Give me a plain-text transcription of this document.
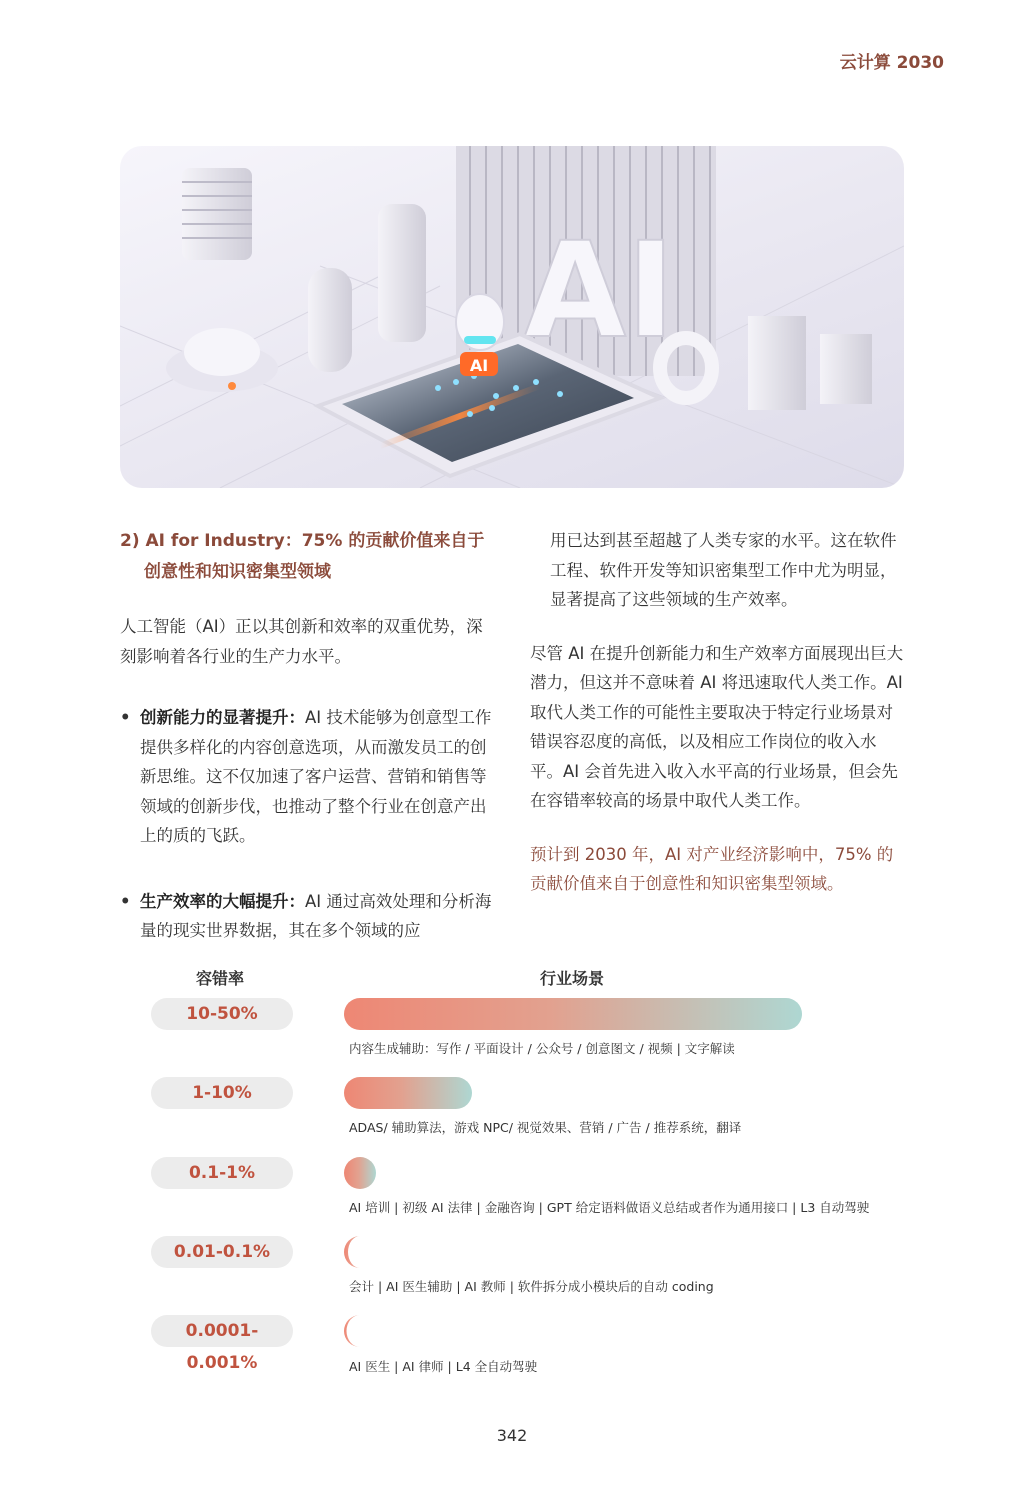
云计算 2030
AI
AI
2) AI for Industry：75% 的贡献价值来自于创意性和知识密集型领域
人工智能（AI）正以其创新和效率的双重优势，深刻影响着各行业的生产力水平。
• 创新能力的显著提升：AI 技术能够为创意型工作提供多样化的内容创意选项，从而激发员工的创新思维。这不仅加速了客户运营、营销和销售等领域的创新步伐，也推动了整个行业在创意产出上的质的飞跃。
• 生产效率的大幅提升：AI 通过高效处理和分析海量的现实世界数据，其在多个领域的应
用已达到甚至超越了人类专家的水平。这在软件工程、软件开发等知识密集型工作中尤为明显，显著提高了这些领域的生产效率。
尽管 AI 在提升创新能力和生产效率方面展现出巨大潜力，但这并不意味着 AI 将迅速取代人类工作。AI 取代人类工作的可能性主要取决于特定行业场景对错误容忍度的高低，以及相应工作岗位的收入水平。AI 会首先进入收入水平高的行业场景，但会先在容错率较高的场景中取代人类工作。
预计到 2030 年，AI 对产业经济影响中，75% 的贡献价值来自于创意性和知识密集型领域。
容错率	行业场景
10-50%
内容生成辅助：写作 / 平面设计 / 公众号 / 创意图文 / 视频 | 文字解读
1-10%
ADAS/ 辅助算法，游戏 NPC/ 视觉效果、营销 / 广告 / 推荐系统，翻译
0.1-1%
AI 培训 | 初级 AI 法律 | 金融咨询 | GPT 给定语料做语义总结或者作为通用接口 | L3 自动驾驶
0.01-0.1%
会计 | AI 医生辅助 | AI 教师 | 软件拆分成小模块后的自动 coding
0.0001-0.001%	AI 医生 | AI 律师 | L4 全自动驾驶
342
